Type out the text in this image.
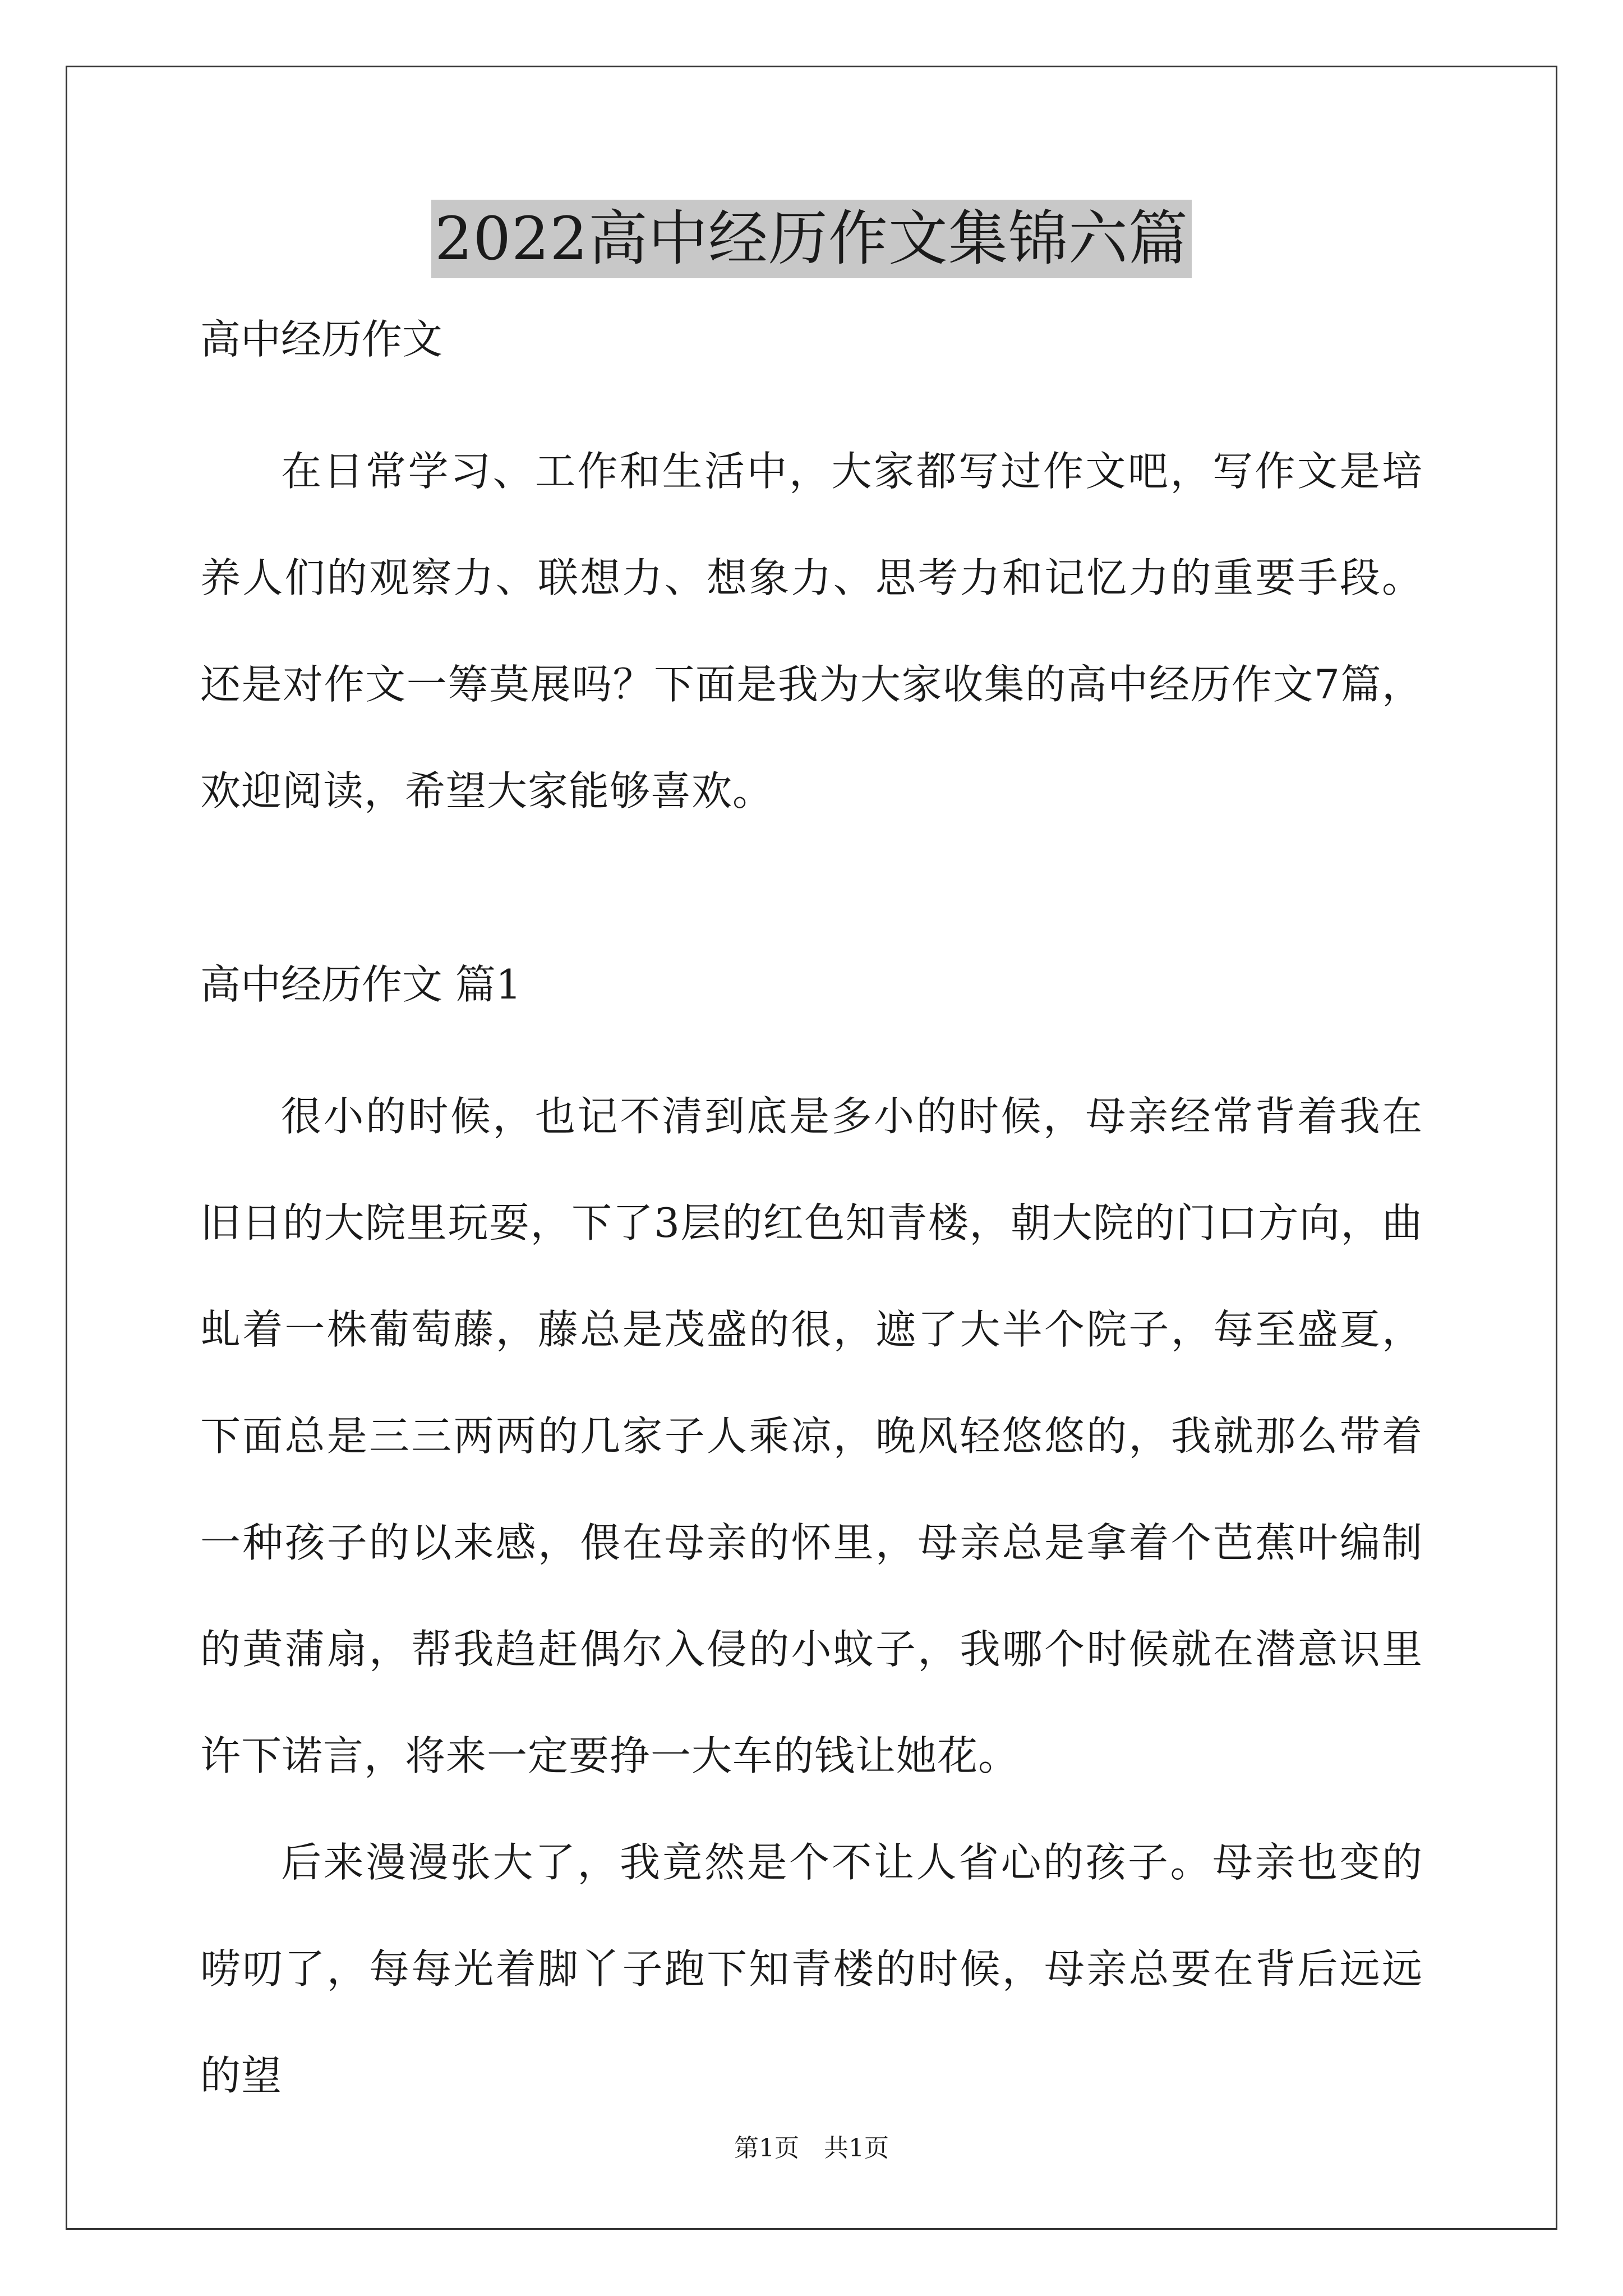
2022高中经历作文集锦六篇

高中经历作文

在日常学习、工作和生活中，大家都写过作文吧，写作文是培养人们的观察力、联想力、想象力、思考力和记忆力的重要手段。还是对作文一筹莫展吗？下面是我为大家收集的高中经历作文7篇，欢迎阅读，希望大家能够喜欢。

高中经历作文 篇1

很小的时候，也记不清到底是多小的时候，母亲经常背着我在旧日的大院里玩耍，下了3层的红色知青楼，朝大院的门口方向，曲虬着一株葡萄藤，藤总是茂盛的很，遮了大半个院子，每至盛夏，下面总是三三两两的几家子人乘凉，晚风轻悠悠的，我就那么带着一种孩子的以来感，偎在母亲的怀里，母亲总是拿着个芭蕉叶编制的黄蒲扇，帮我趋赶偶尔入侵的小蚊子，我哪个时候就在潜意识里许下诺言，将来一定要挣一大车的钱让她花。

后来漫漫张大了，我竟然是个不让人省心的孩子。母亲也变的唠叨了，每每光着脚丫子跑下知青楼的时候，母亲总要在背后远远的望

第1页 共1页
